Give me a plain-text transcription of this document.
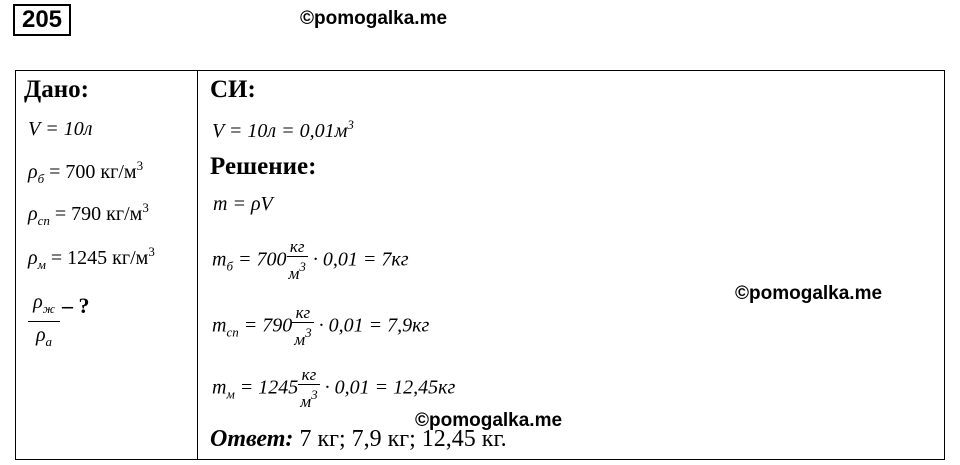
205	©pomogalka.me
©pomogalka.me
©pomogalka.me
Дано:
V = 10л
$\rho_б = 700$ $кг/м^3$
$\rho_{сп} = 790$ $кг/м^3$
$\rho_м = 1245$ $кг/м^3$
$\rho_ж$
$\rho_а$
– ?
СИ:
$V = 10л = 0,01м^3$
Решение:
m = ρV
$m_б = 700 \frac{кг}{м^3} \cdot 0,01 = 7кг$
$m_{сп} = 790 \frac{кг}{м^3} \cdot 0,01 = 7,9кг$
$m_м = 1245 \frac{кг}{м^3} \cdot 0,01 = 12,45кг$
Ответ: 7 кг; 7,9 кг; 12,45 кг.
